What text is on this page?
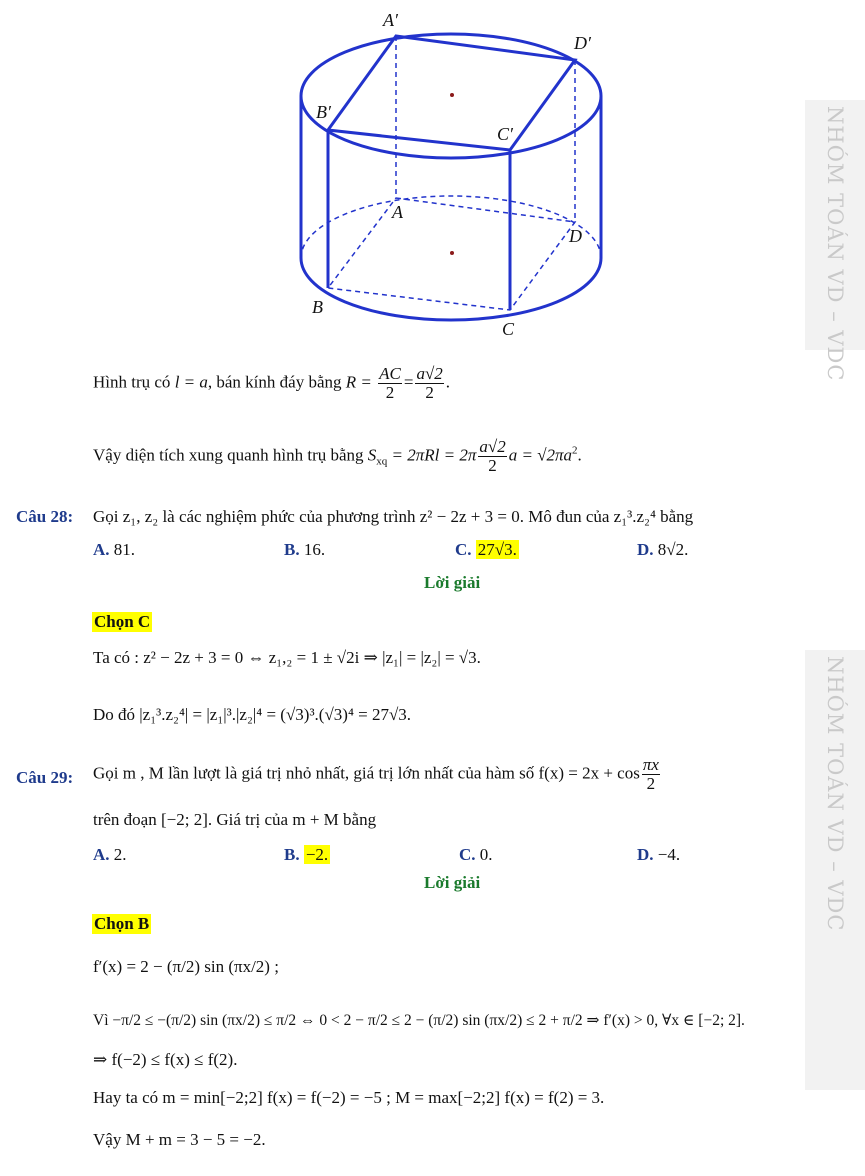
A′
D′
B′
C′
A
D
B
C	NHÓM TOÁN VD – VDC
NHÓM TOÁN VD – VDC
Hình trụ có l = a, bán kính đáy bằng $R = \frac{AC}{2} = \frac{a√2}{2}$ .
Vậy diện tích xung quanh hình trụ bằng $S_{xq} = 2\pi Rl = 2\pi \frac{a√2}{2}$ $a = √2\pi a^2$.
Câu 28: Gọi z₁, z₂ là các nghiệm phức của phương trình z² − 2z + 3 = 0. Mô đun của z₁³.z₂⁴ bằng
A. 81.	B. 16.	C. 27√3.	D. 8√2.
Lời giải
Chọn C
Ta có : z² − 2z + 3 = 0 ⇔ z₁,₂ = 1 ± √2i ⇒ |z₁| = |z₂| = √3.
Do đó |z₁³.z₂⁴| = |z₁|³.|z₂|⁴ = (√3)³.(√3)⁴ = 27√3.
Câu 29: Gọi m , M lần lượt là giá trị nhỏ nhất, giá trị lớn nhất của hàm số $f(x) = 2x + \cos \frac{\pi x}{2}$
trên đoạn [−2; 2]. Giá trị của m + M bằng
A. 2.	B. −2.	C. 0.	D. −4.
Lời giải
Chọn B
f′(x) = 2 − (π/2) sin (πx/2) ;
Vì −π/2 ≤ −(π/2) sin (πx/2) ≤ π/2 ⇔ 0 < 2 − π/2 ≤ 2 − (π/2) sin (πx/2) ≤ 2 + π/2 ⇒ f′(x) > 0, ∀x ∈ [−2; 2].
⇒ f(−2) ≤ f(x) ≤ f(2).
Hay ta có m = min[−2;2] f(x) = f(−2) = −5 ; M = max[−2;2] f(x) = f(2) = 3.
Vậy M + m = 3 − 5 = −2.
